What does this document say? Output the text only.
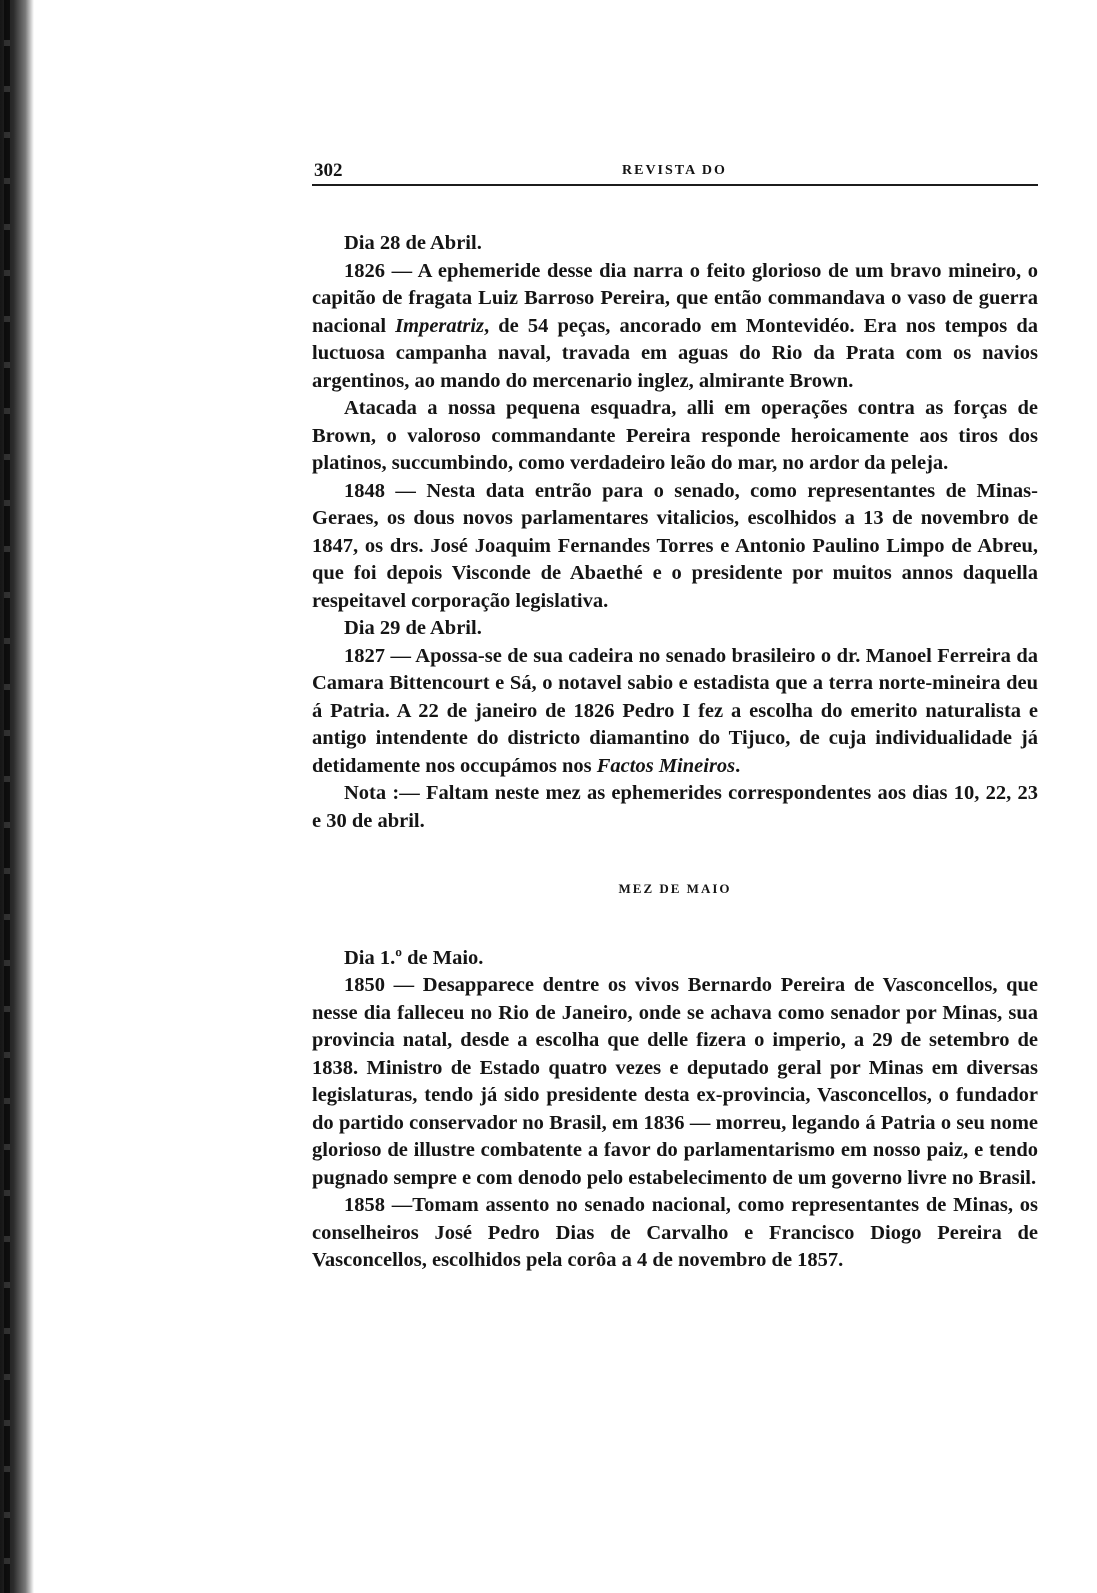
302	REVISTA DO
Dia 28 de Abril.

1826 — A ephemeride desse dia narra o feito glorioso de um bravo mineiro, o capitão de fragata Luiz Barroso Pereira, que então commandava o vaso de guerra nacional Imperatriz, de 54 peças, ancorado em Montevidéo. Era nos tempos da luctuosa campanha naval, travada em aguas do Rio da Prata com os navios argentinos, ao mando do mercenario inglez, almirante Brown.

Atacada a nossa pequena esquadra, alli em operações contra as forças de Brown, o valoroso commandante Pereira responde heroicamente aos tiros dos platinos, succumbindo, como verdadeiro leão do mar, no ardor da peleja.

1848 — Nesta data entrão para o senado, como representantes de Minas-Geraes, os dous novos parlamentares vitalicios, escolhidos a 13 de novembro de 1847, os drs. José Joaquim Fernandes Torres e Antonio Paulino Limpo de Abreu, que foi depois Visconde de Abaethé e o presidente por muitos annos daquella respeitavel corporação legislativa.

Dia 29 de Abril.

1827 — Apossa-se de sua cadeira no senado brasileiro o dr. Manoel Ferreira da Camara Bittencourt e Sá, o notavel sabio e estadista que a terra norte-mineira deu á Patria. A 22 de janeiro de 1826 Pedro I fez a escolha do emerito naturalista e antigo intendente do districto diamantino do Tijuco, de cuja individualidade já detidamente nos occupámos nos Factos Mineiros.

Nota :— Faltam neste mez as ephemerides correspondentes aos dias 10, 22, 23 e 30 de abril.

MEZ DE MAIO
Dia 1.º de Maio.

1850 — Desapparece dentre os vivos Bernardo Pereira de Vasconcellos, que nesse dia falleceu no Rio de Janeiro, onde se achava como senador por Minas, sua provincia natal, desde a escolha que delle fizera o imperio, a 29 de setembro de 1838. Ministro de Estado quatro vezes e deputado geral por Minas em diversas legislaturas, tendo já sido presidente desta ex-provincia, Vasconcellos, o fundador do partido conservador no Brasil, em 1836 — morreu, legando á Patria o seu nome glorioso de illustre combatente a favor do parlamentarismo em nosso paiz, e tendo pugnado sempre e com denodo pelo estabelecimento de um governo livre no Brasil.

1858 —Tomam assento no senado nacional, como representantes de Minas, os conselheiros José Pedro Dias de Carvalho e Francisco Diogo Pereira de Vasconcellos, escolhidos pela corôa a 4 de novembro de 1857.
